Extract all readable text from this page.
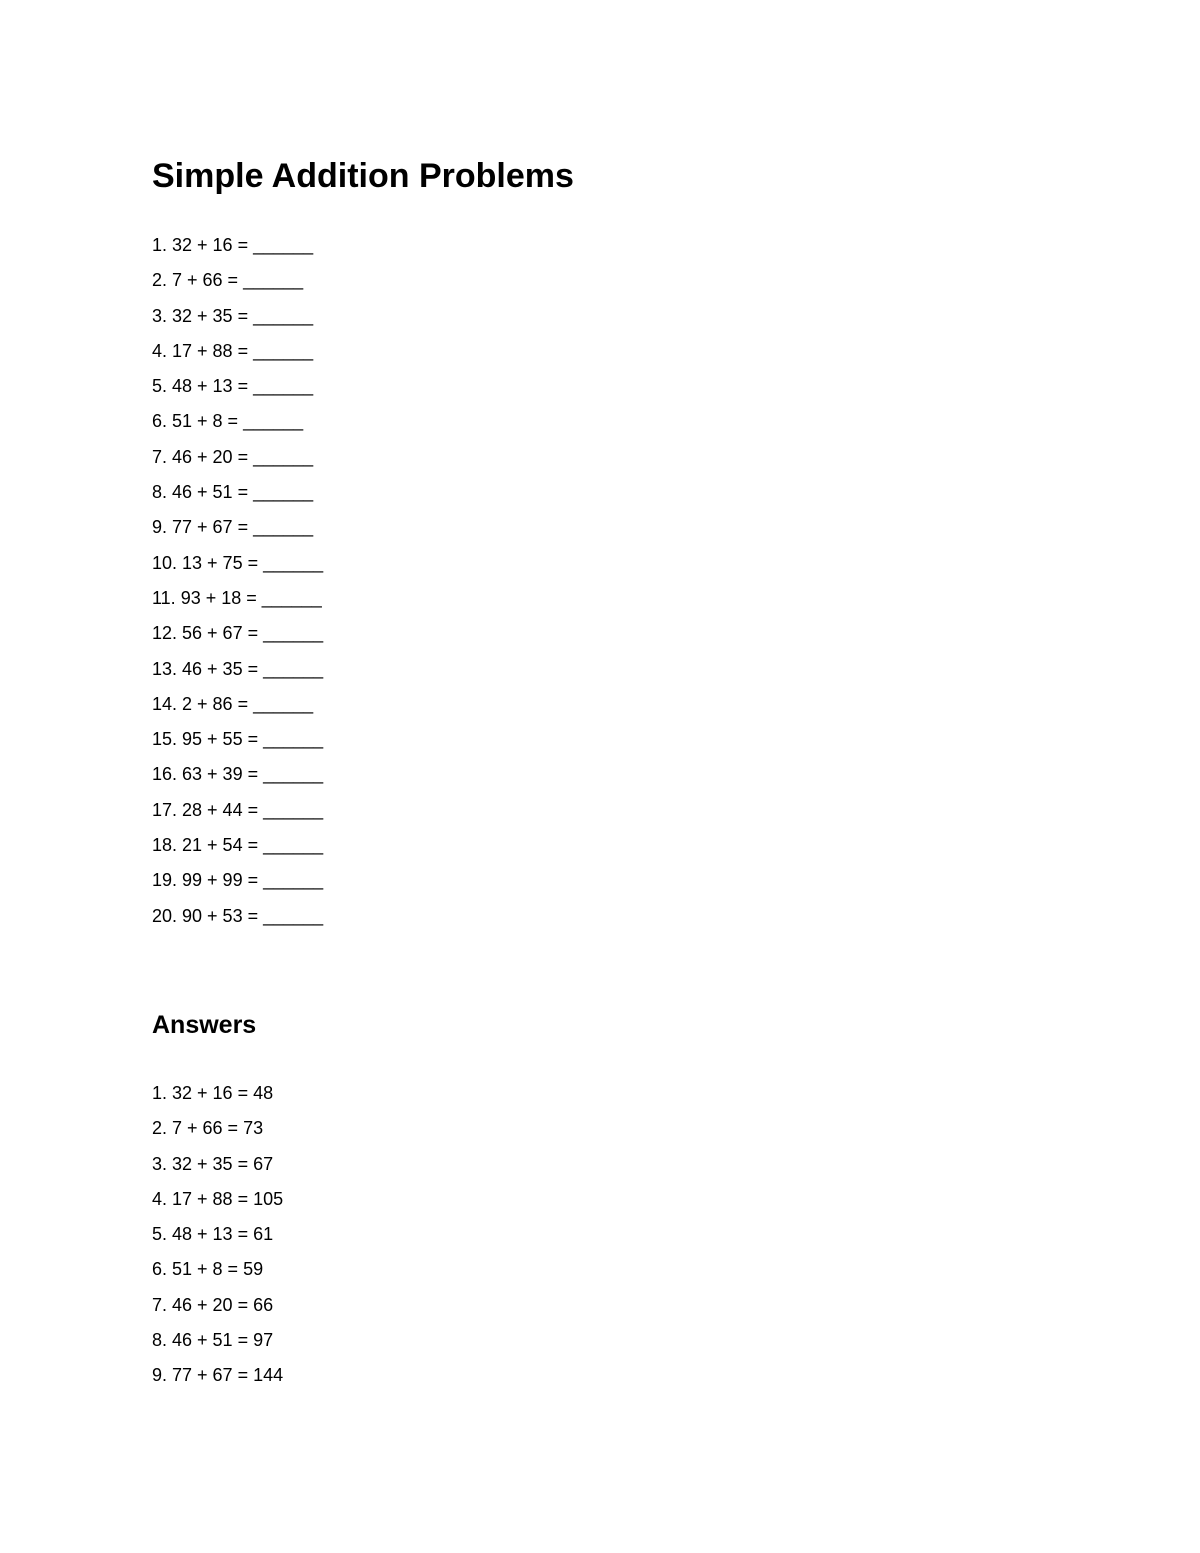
Simple Addition Problems
1. 32 + 16 = ______
2. 7 + 66 = ______
3. 32 + 35 = ______
4. 17 + 88 = ______
5. 48 + 13 = ______
6. 51 + 8 = ______
7. 46 + 20 = ______
8. 46 + 51 = ______
9. 77 + 67 = ______
10. 13 + 75 = ______
11. 93 + 18 = ______
12. 56 + 67 = ______
13. 46 + 35 = ______
14. 2 + 86 = ______
15. 95 + 55 = ______
16. 63 + 39 = ______
17. 28 + 44 = ______
18. 21 + 54 = ______
19. 99 + 99 = ______
20. 90 + 53 = ______
Answers
1. 32 + 16 = 48
2. 7 + 66 = 73
3. 32 + 35 = 67
4. 17 + 88 = 105
5. 48 + 13 = 61
6. 51 + 8 = 59
7. 46 + 20 = 66
8. 46 + 51 = 97
9. 77 + 67 = 144
